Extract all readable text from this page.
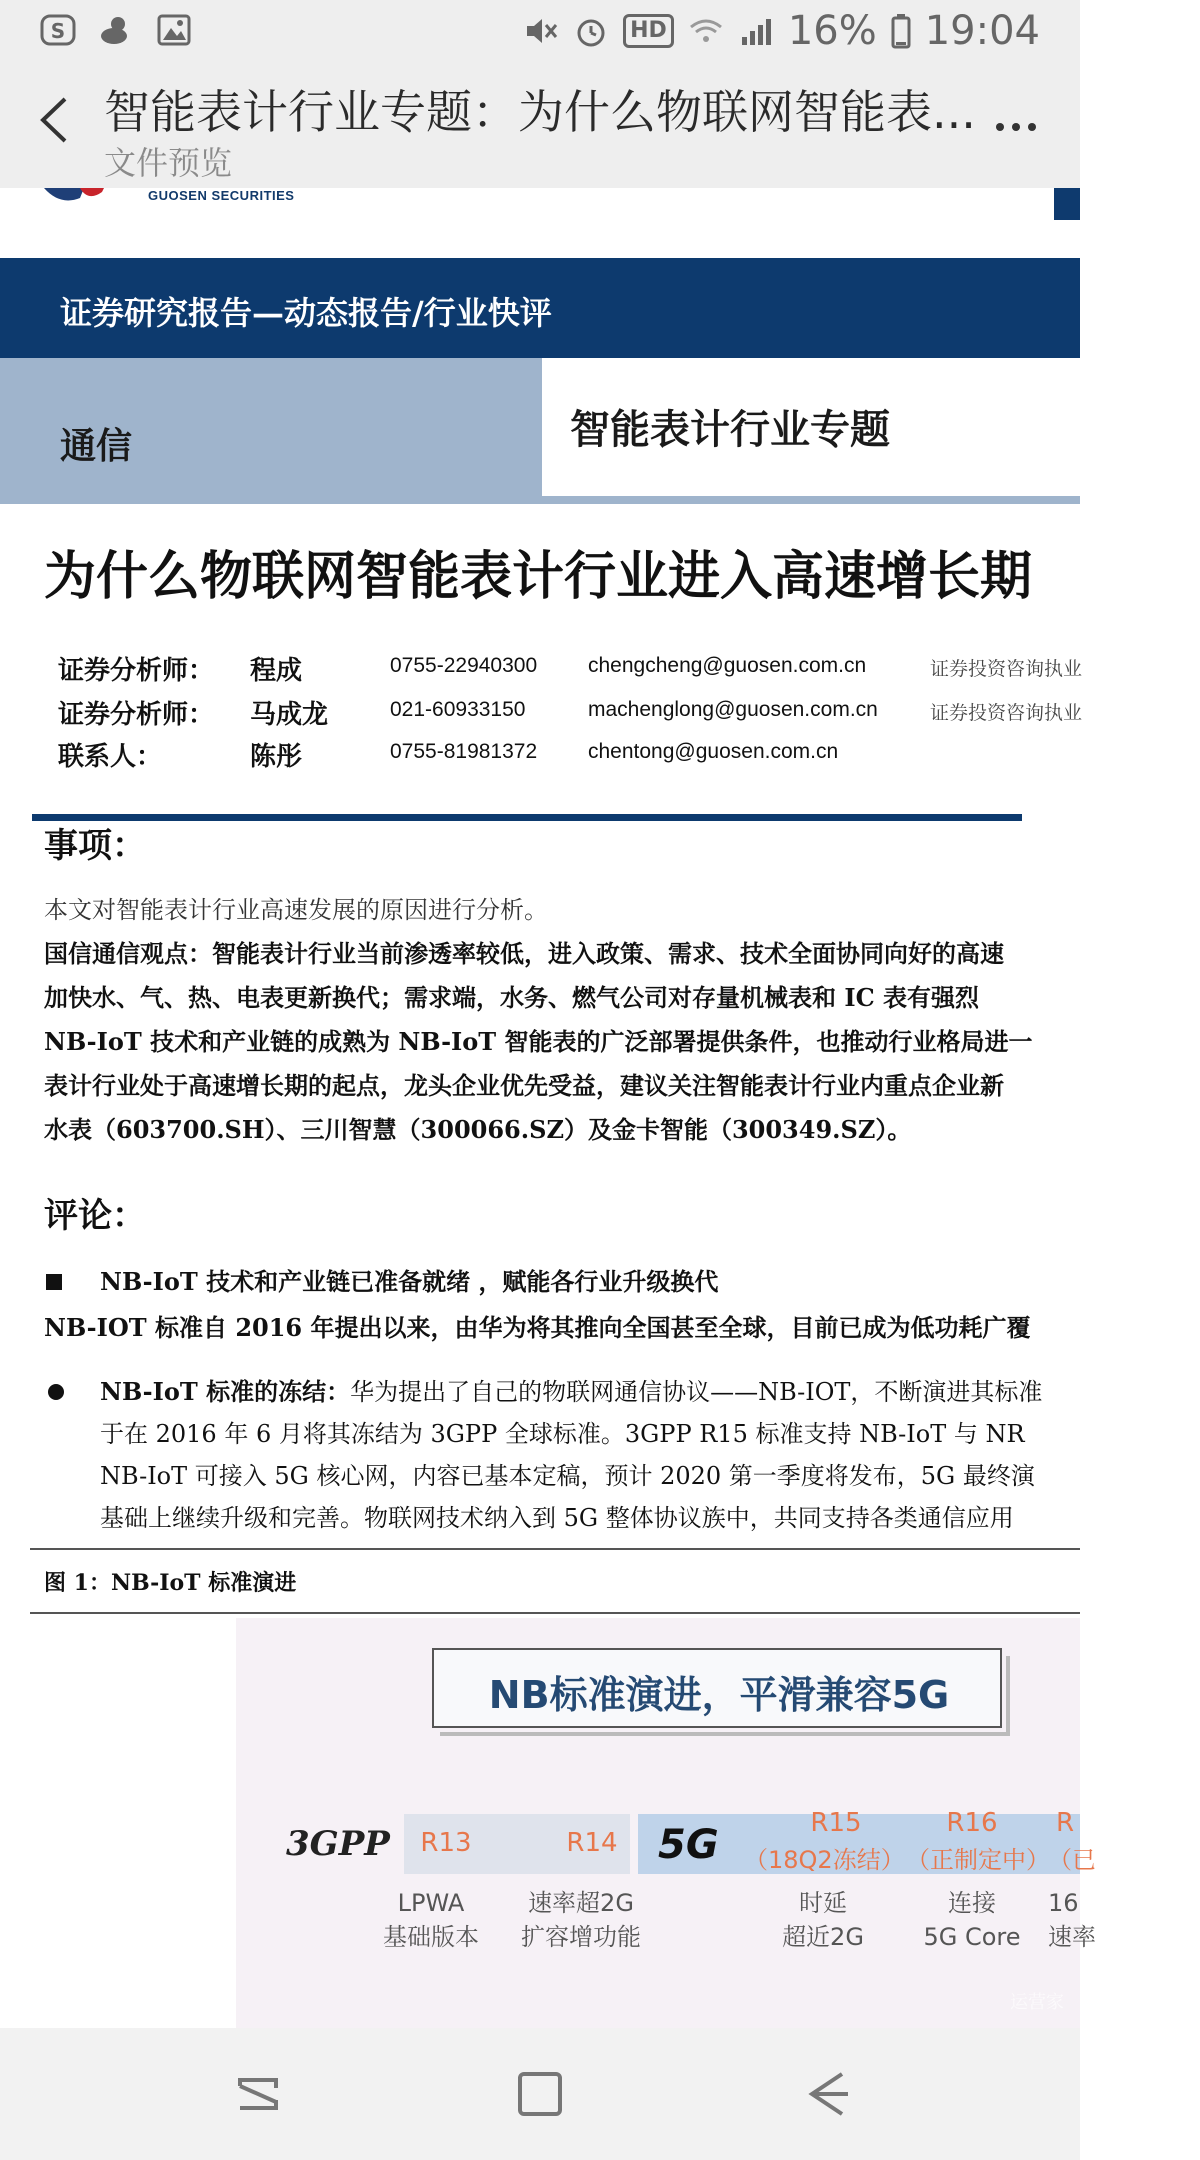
S	HD	16% 19:04
智能表计行业专题：为什么物联网智能表...
文件预览
GUOSEN SECURITIES
证券研究报告—动态报告/行业快评
通信	智能表计行业专题
为什么物联网智能表计行业进入高速增长期
证券分析师： 程成	0755-22940300 chengcheng@guosen.com.cn	证券投资咨询执业
证券分析师： 马成龙	021-60933150	machenglong@guosen.com.cn	证券投资咨询执业
联系人：	陈彤	0755-81981372 chentong@guosen.com.cn
事项：
本文对智能表计行业高速发展的原因进行分析。
国信通信观点：智能表计行业当前渗透率较低，进入政策、需求、技术全面协同向好的高速
加快水、气、热、电表更新换代；需求端，水务、燃气公司对存量机械表和 IC 表有强烈
NB-IoT 技术和产业链的成熟为 NB-IoT 智能表的广泛部署提供条件，也推动行业格局进一
表计行业处于高速增长期的起点，龙头企业优先受益，建议关注智能表计行业内重点企业新
水表（603700.SH）、三川智慧（300066.SZ）及金卡智能（300349.SZ）。
评论：
NB-IoT 技术和产业链已准备就绪 ，赋能各行业升级换代
NB-IOT 标准自 2016 年提出以来，由华为将其推向全国甚至全球，目前已成为低功耗广覆
NB-IoT 标准的冻结：华为提出了自己的物联网通信协议——NB-IOT，不断演进其标准
于在 2016 年 6 月将其冻结为 3GPP 全球标准。3GPP R15 标准支持 NB-IoT 与 NR
NB-IoT 可接入 5G 核心网，内容已基本定稿，预计 2020 第一季度将发布，5G 最终演
基础上继续升级和完善。物联网技术纳入到 5G 整体协议族中，共同支持各类通信应用
图 1：NB-IoT 标准演进
NB标准演进，平滑兼容5G
3GPP	5G
R13	R14
R15
（18Q2冻结）
R16
（正制定中）
R
（已
LPWA
基础版本
速率超2G
扩容增功能
时延
超近2G
连接
5G Core
16
速率
运营家
